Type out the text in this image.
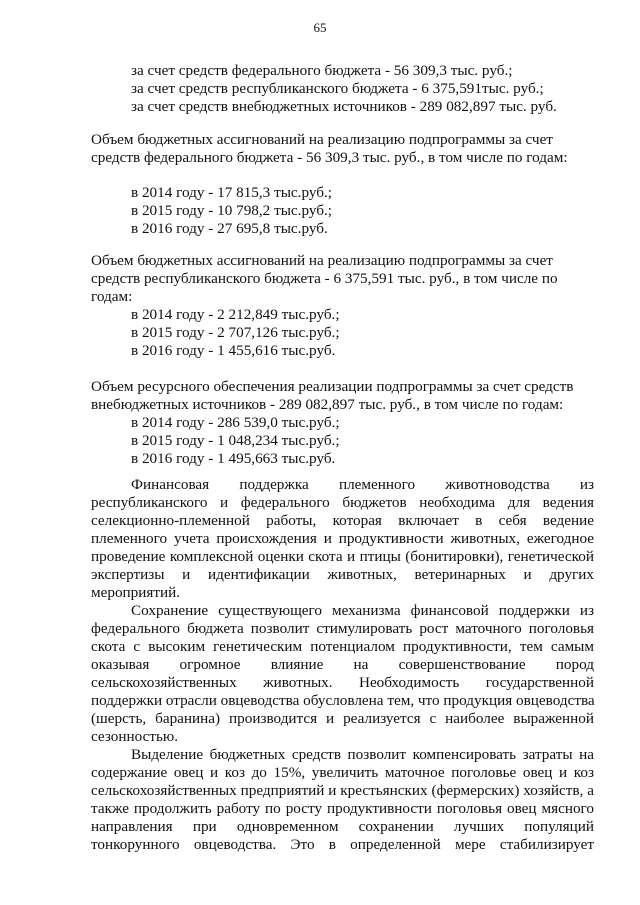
65
за счет средств федерального бюджета - 56 309,3 тыс. руб.;
за счет средств республиканского бюджета - 6 375,591тыс. руб.;
за счет средств внебюджетных источников - 289 082,897 тыс. руб.
Объем бюджетных ассигнований на реализацию подпрограммы за счет
средств федерального бюджета - 56 309,3 тыс. руб., в том числе по годам:
в 2014 году - 17 815,3 тыс.руб.;
в 2015 году - 10 798,2 тыс.руб.;
в 2016 году - 27 695,8 тыс.руб.
Объем бюджетных ассигнований на реализацию подпрограммы за счет
средств республиканского бюджета - 6 375,591 тыс. руб., в том числе по
годам:
в 2014 году - 2 212,849 тыс.руб.;
в 2015 году - 2 707,126 тыс.руб.;
в 2016 году - 1 455,616 тыс.руб.
Объем ресурсного обеспечения реализации подпрограммы за счет средств
внебюджетных источников - 289 082,897 тыс. руб., в том числе по годам:
в 2014 году - 286 539,0 тыс.руб.;
в 2015 году - 1 048,234 тыс.руб.;
в 2016 году - 1 495,663 тыс.руб.
Финансовая поддержка племенного животноводства из
республиканского и федерального бюджетов необходима для ведения
селекционно-племенной работы, которая включает в себя ведение
племенного учета происхождения и продуктивности животных, ежегодное
проведение комплексной оценки скота и птицы (бонитировки), генетической
экспертизы и идентификации животных, ветеринарных и других
мероприятий.
Сохранение существующего механизма финансовой поддержки из
федерального бюджета позволит стимулировать рост маточного поголовья
скота с высоким генетическим потенциалом продуктивности, тем самым
оказывая огромное влияние на совершенствование пород
сельскохозяйственных животных. Необходимость государственной
поддержки отрасли овцеводства обусловлена тем, что продукция овцеводства
(шерсть, баранина) производится и реализуется с наиболее выраженной
сезонностью.
Выделение бюджетных средств позволит компенсировать затраты на
содержание овец и коз до 15%, увеличить маточное поголовье овец и коз
сельскохозяйственных предприятий и крестьянских (фермерских) хозяйств, а
также продолжить работу по росту продуктивности поголовья овец мясного
направления при одновременном сохранении лучших популяций
тонкорунного овцеводства. Это в определенной мере стабилизирует
